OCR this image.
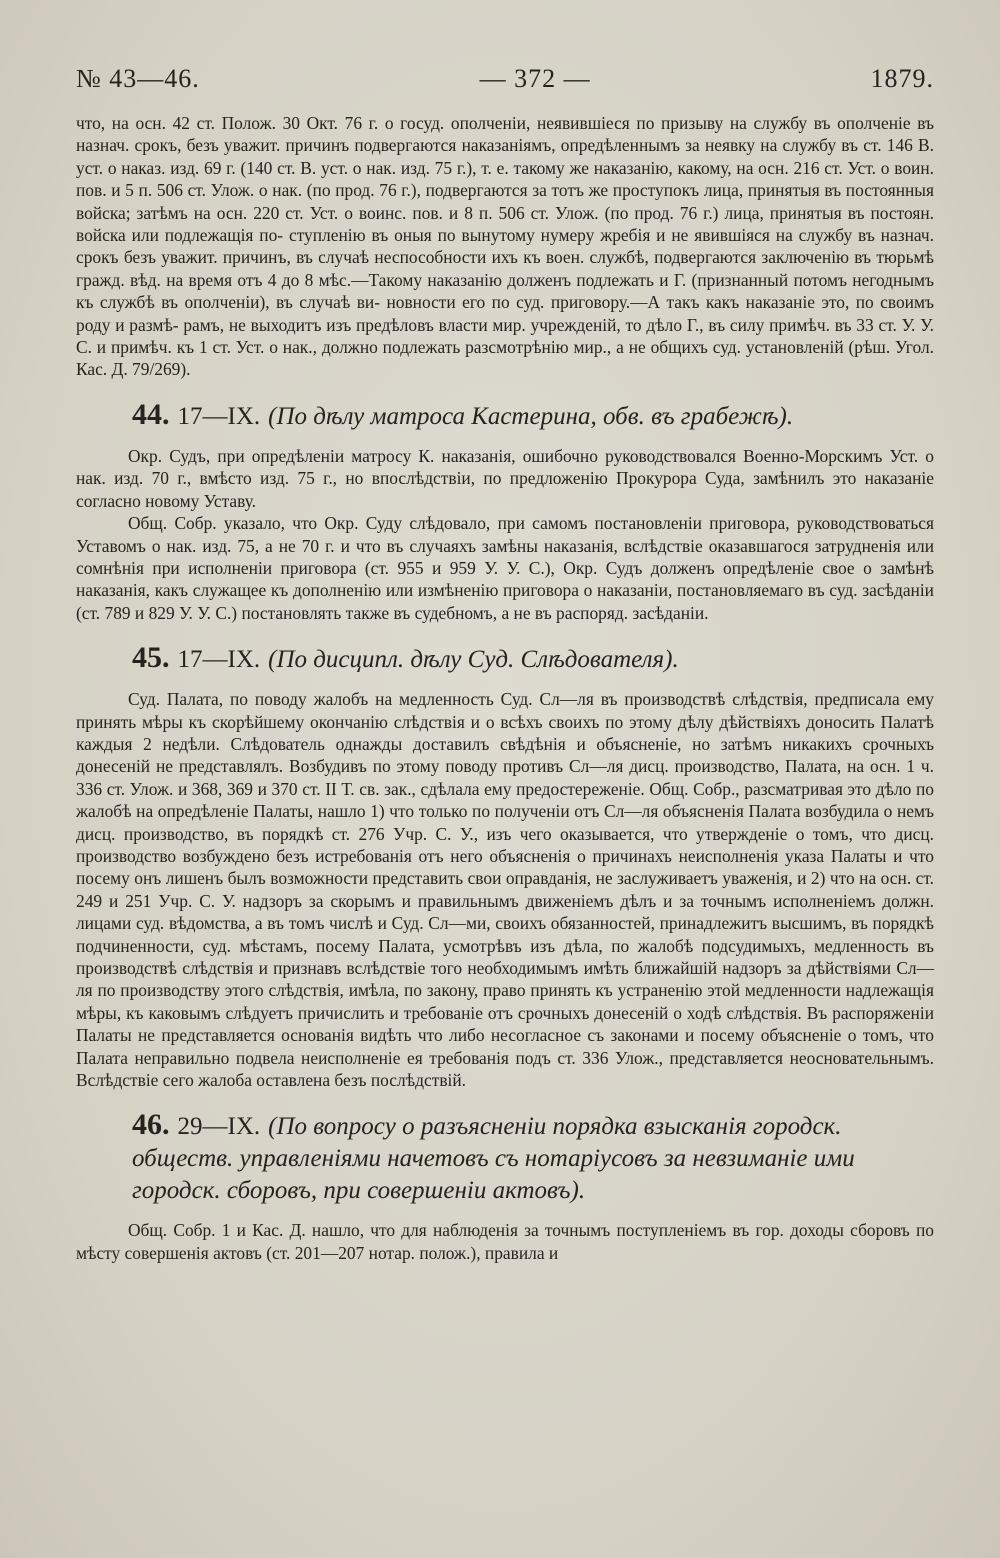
№ 43—46.	— 372 —	1879.

что, на осн. 42 ст. Полож. 30 Окт. 76 г. о госуд. ополченіи, неявившіеся по призыву на службу въ ополченіе въ назнач. срокъ, безъ уважит. причинъ подвергаются наказаніямъ, опредѣленнымъ за неявку на службу въ ст. 146 В. уст. о наказ. изд. 69 г. (140 ст. В. уст. о нак. изд. 75 г.), т. е. такому же наказанію, какому, на осн. 216 ст. Уст. о воин. пов. и 5 п. 506 ст. Улож. о нак. (по прод. 76 г.), подвергаются за тотъ же проступокъ лица, принятыя въ постоянныя войска; затѣмъ на осн. 220 ст. Уст. о воинс. пов. и 8 п. 506 ст. Улож. (по прод. 76 г.) лица, принятыя въ постоян. войска или подлежащія по- ступленію въ оныя по вынутому нумеру жребія и не явившіяся на службу въ назнач. срокъ безъ уважит. причинъ, въ случаѣ неспособности ихъ къ воен. службѣ, подвергаются заключенію въ тюрьмѣ гражд. вѣд. на время отъ 4 до 8 мѣс.—Такому наказанію долженъ подлежать и Г. (признанный потомъ негоднымъ къ службѣ въ ополченіи), въ случаѣ ви- новности его по суд. приговору.—А такъ какъ наказаніе это, по своимъ роду и размѣ- рамъ, не выходитъ изъ предѣловъ власти мир. учрежденій, то дѣло Г., въ силу примѣч. въ 33 ст. У. У. С. и примѣч. къ 1 ст. Уст. о нак., должно подлежать разсмотрѣнію мир., а не общихъ суд. установленій (рѣш. Угол. Кас. Д. 79/269).

44. 17—IX. (По дѣлу матроса Кастерина, обв. въ грабежѣ).

Окр. Судъ, при опредѣленіи матросу К. наказанія, ошибочно руководствовался Военно-Морскимъ Уст. о нак. изд. 70 г., вмѣсто изд. 75 г., но впослѣдствіи, по предложенію Прокурора Суда, замѣнилъ это наказаніе согласно новому Уставу.

Общ. Собр. указало, что Окр. Суду слѣдовало, при самомъ постановленіи приговора, руководствоваться Уставомъ о нак. изд. 75, а не 70 г. и что въ случаяхъ замѣны наказанія, вслѣдствіе оказавшагося затрудненія или сомнѣнія при исполненіи приговора (ст. 955 и 959 У. У. С.), Окр. Судъ долженъ опредѣленіе свое о замѣнѣ наказанія, какъ служащее къ дополненію или измѣненію приговора о наказаніи, постановляемаго въ суд. засѣданіи (ст. 789 и 829 У. У. С.) постановлять также въ судебномъ, а не въ распоряд. засѣданіи.

45. 17—IX. (По дисципл. дѣлу Суд. Слѣдователя).

Суд. Палата, по поводу жалобъ на медленность Суд. Сл—ля въ производствѣ слѣдствія, предписала ему принять мѣры къ скорѣйшему окончанію слѣдствія и о всѣхъ своихъ по этому дѣлу дѣйствіяхъ доносить Палатѣ каждыя 2 недѣли. Слѣдователь однажды доставилъ свѣдѣнія и объясненіе, но затѣмъ никакихъ срочныхъ донесеній не представлялъ. Возбудивъ по этому поводу противъ Сл—ля дисц. производство, Палата, на осн. 1 ч. 336 ст. Улож. и 368, 369 и 370 ст. II Т. св. зак., сдѣлала ему предостереженіе. Общ. Собр., разсматривая это дѣло по жалобѣ на опредѣленіе Палаты, нашло 1) что только по полученіи отъ Сл—ля объясненія Палата возбудила о немъ дисц. производство, въ порядкѣ ст. 276 Учр. С. У., изъ чего оказывается, что утвержденіе о томъ, что дисц. производство возбуждено безъ истребованія отъ него объясненія о причинахъ неисполненія указа Палаты и что посему онъ лишенъ былъ возможности представить свои оправданія, не заслуживаетъ уваженія, и 2) что на осн. ст. 249 и 251 Учр. С. У. надзоръ за скорымъ и правильнымъ движеніемъ дѣлъ и за точнымъ исполненіемъ должн. лицами суд. вѣдомства, а въ томъ числѣ и Суд. Сл—ми, своихъ обязанностей, принадлежитъ высшимъ, въ порядкѣ подчиненности, суд. мѣстамъ, посему Палата, усмотрѣвъ изъ дѣла, по жалобѣ подсудимыхъ, медленность въ производствѣ слѣдствія и признавъ вслѣдствіе того необходимымъ имѣть ближайшій надзоръ за дѣйствіями Сл—ля по производству этого слѣдствія, имѣла, по закону, право принять къ устраненію этой медленности надлежащія мѣры, къ каковымъ слѣдуетъ причислить и требованіе отъ срочныхъ донесеній о ходѣ слѣдствія. Въ распоряженіи Палаты не представляется основанія видѣть что либо несогласное съ законами и посему объясненіе о томъ, что Палата неправильно подвела неисполненіе ея требованія подъ ст. 336 Улож., представляется неосновательнымъ. Вслѣдствіе сего жалоба оставлена безъ послѣдствій.

46. 29—IX. (По вопросу о разъясненіи порядка взысканія городск. обществ. управленіями начетовъ съ нотаріусовъ за невзиманіе ими городск. сборовъ, при совершеніи актовъ).

Общ. Собр. 1 и Кас. Д. нашло, что для наблюденія за точнымъ поступленіемъ въ гор. доходы сборовъ по мѣсту совершенія актовъ (ст. 201—207 нотар. полож.), правила и
